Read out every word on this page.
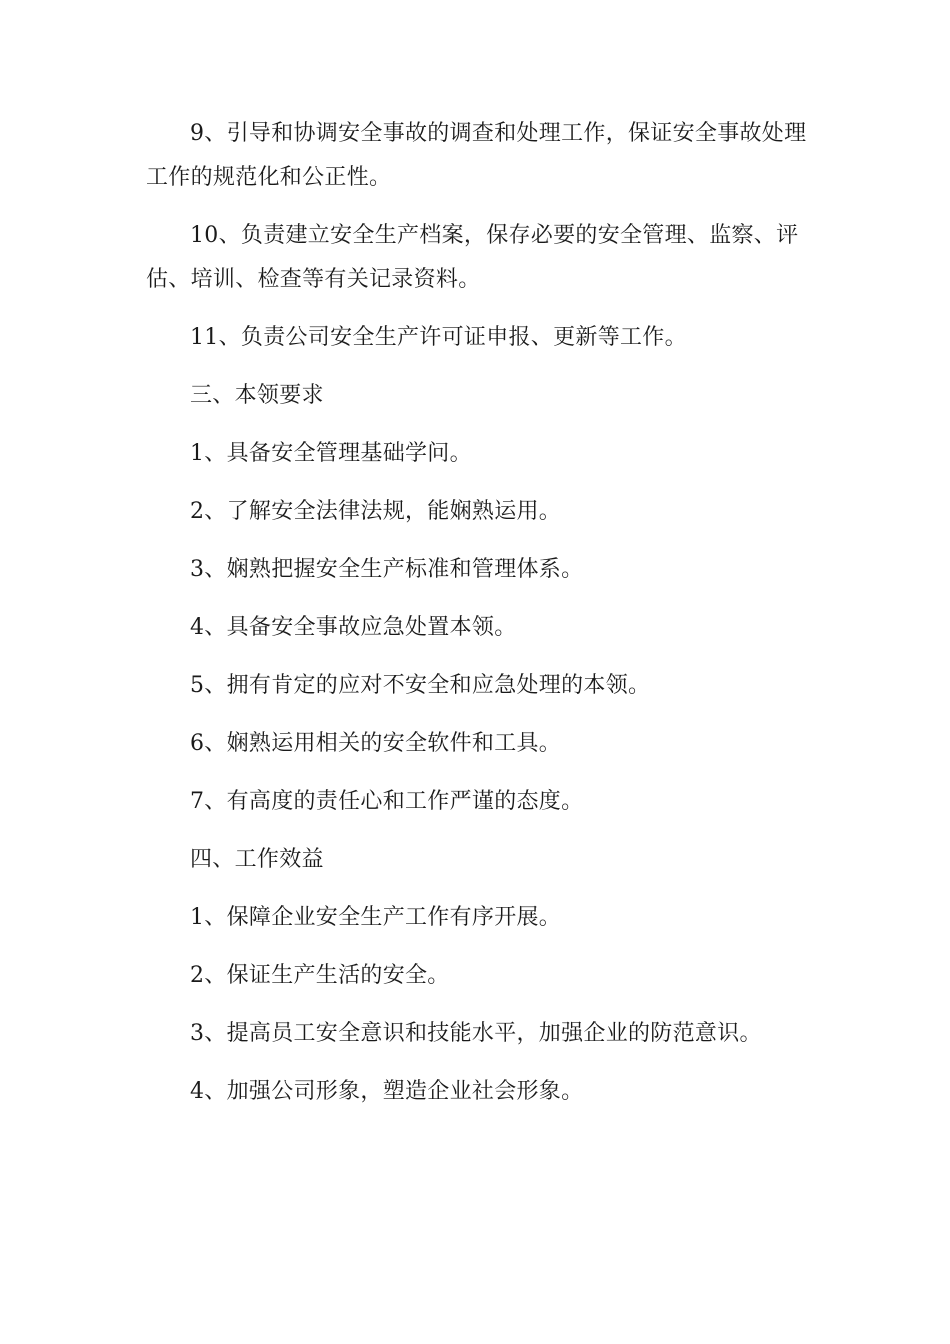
9、引导和协调安全事故的调查和处理工作，保证安全事故处理工作的规范化和公正性。

10、负责建立安全生产档案，保存必要的安全管理、监察、评估、培训、检查等有关记录资料。

11、负责公司安全生产许可证申报、更新等工作。

三、本领要求

1、具备安全管理基础学问。

2、了解安全法律法规，能娴熟运用。

3、娴熟把握安全生产标准和管理体系。

4、具备安全事故应急处置本领。

5、拥有肯定的应对不安全和应急处理的本领。

6、娴熟运用相关的安全软件和工具。

7、有高度的责任心和工作严谨的态度。

四、工作效益

1、保障企业安全生产工作有序开展。

2、保证生产生活的安全。

3、提高员工安全意识和技能水平，加强企业的防范意识。

4、加强公司形象，塑造企业社会形象。
